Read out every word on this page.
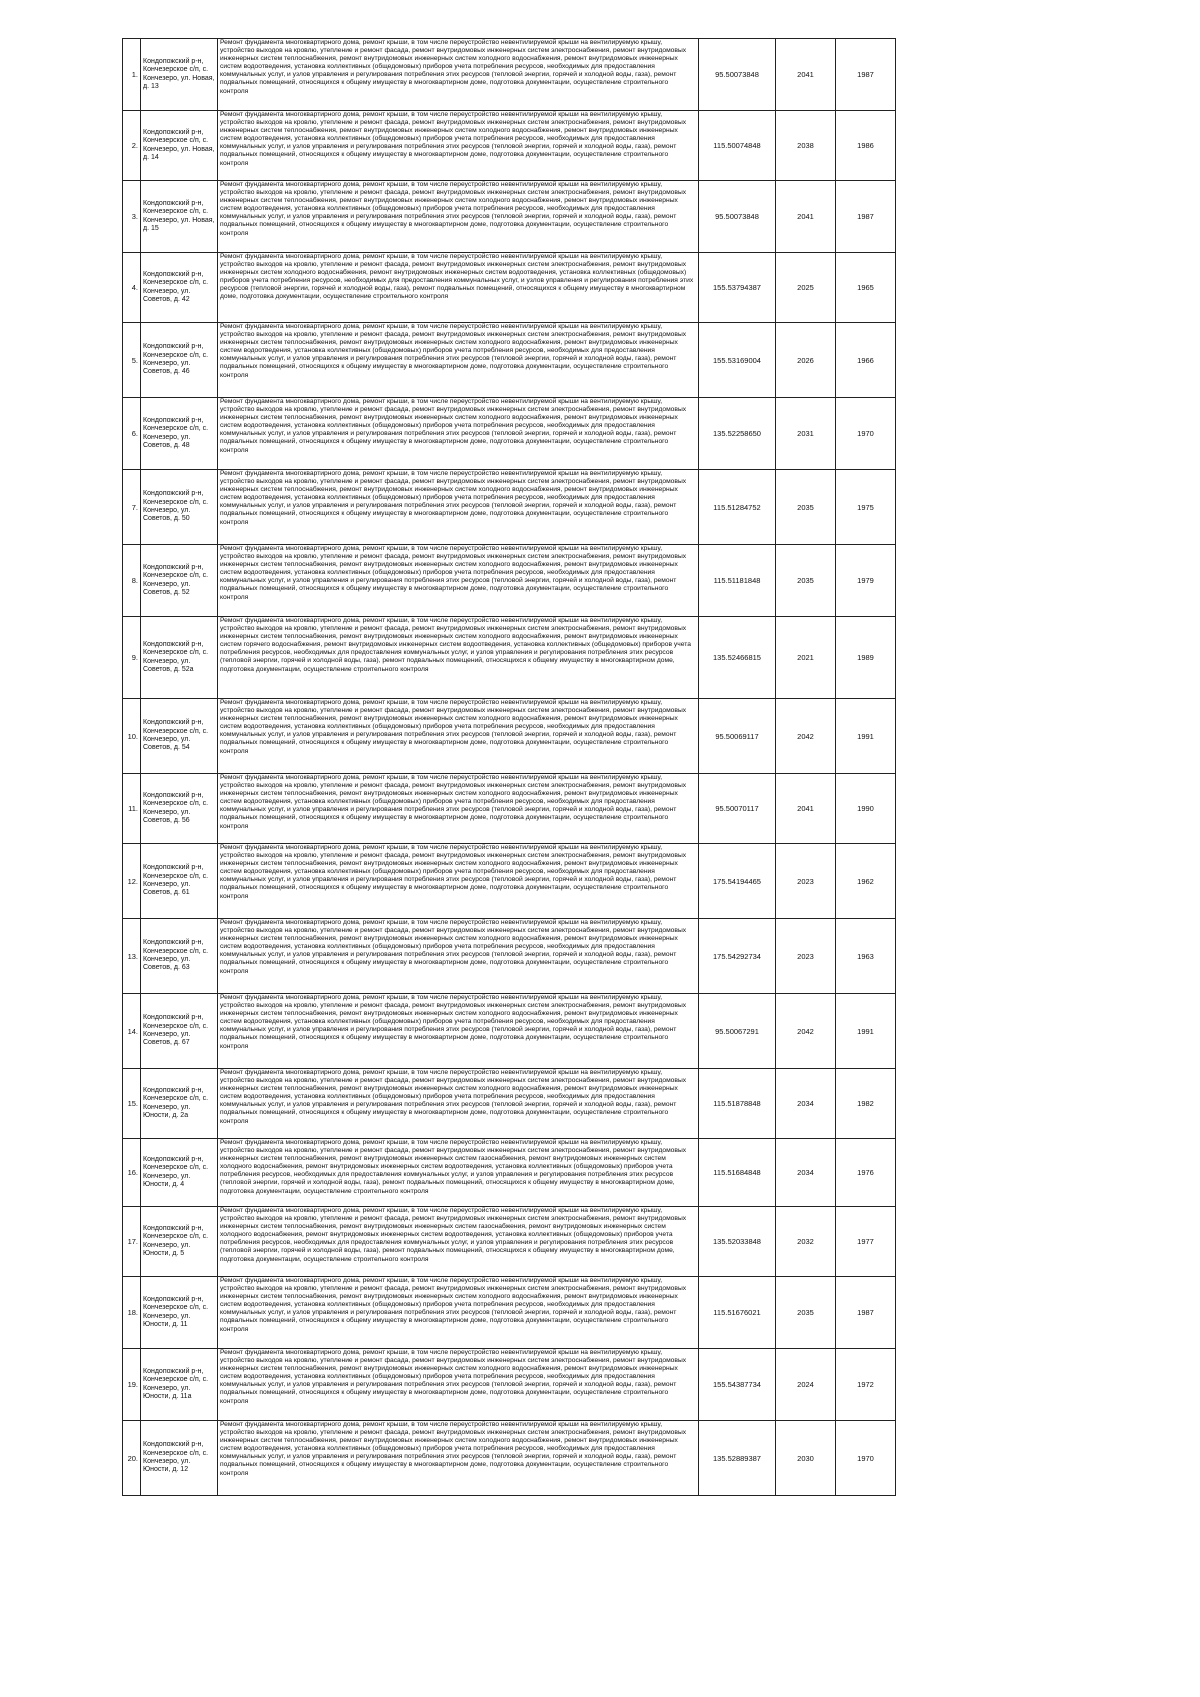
1.	Кондопожский р-н, Кончезерское с/п, с. Кончезеро, ул. Новая, д. 13	Ремонт фундамента многоквартирного дома, ремонт крыши, в том числе переустройство невентилируемой крыши на вентилируемую крышу, устройство выходов на кровлю, утепление и ремонт фасада, ремонт внутридомовых инженерных систем электроснабжения, ремонт внутридомовых инженерных систем теплоснабжения, ремонт внутридомовых инженерных систем холодного водоснабжения, ремонт внутридомовых инженерных систем водоотведения, установка коллективных (общедомовых) приборов учета потребления ресурсов, необходимых для предоставления коммунальных услуг, и узлов управления и регулирования потребления этих ресурсов (тепловой энергии, горячей и холодной воды, газа), ремонт подвальных помещений, относящихся к общему имуществу в многоквартирном доме, подготовка документации, осуществление строительного контроля	95.50073848	2041	1987
2.	Кондопожский р-н, Кончезерское с/п, с. Кончезеро, ул. Новая, д. 14	Ремонт фундамента многоквартирного дома, ремонт крыши, в том числе переустройство невентилируемой крыши на вентилируемую крышу, устройство выходов на кровлю, утепление и ремонт фасада, ремонт внутридомовых инженерных систем электроснабжения, ремонт внутридомовых инженерных систем теплоснабжения, ремонт внутридомовых инженерных систем холодного водоснабжения, ремонт внутридомовых инженерных систем водоотведения, установка коллективных (общедомовых) приборов учета потребления ресурсов, необходимых для предоставления коммунальных услуг, и узлов управления и регулирования потребления этих ресурсов (тепловой энергии, горячей и холодной воды, газа), ремонт подвальных помещений, относящихся к общему имуществу в многоквартирном доме, подготовка документации, осуществление строительного контроля	115.50074848	2038	1986
3.	Кондопожский р-н, Кончезерское с/п, с. Кончезеро, ул. Новая, д. 15	Ремонт фундамента многоквартирного дома, ремонт крыши, в том числе переустройство невентилируемой крыши на вентилируемую крышу, устройство выходов на кровлю, утепление и ремонт фасада, ремонт внутридомовых инженерных систем электроснабжения, ремонт внутридомовых инженерных систем теплоснабжения, ремонт внутридомовых инженерных систем холодного водоснабжения, ремонт внутридомовых инженерных систем водоотведения, установка коллективных (общедомовых) приборов учета потребления ресурсов, необходимых для предоставления коммунальных услуг, и узлов управления и регулирования потребления этих ресурсов (тепловой энергии, горячей и холодной воды, газа), ремонт подвальных помещений, относящихся к общему имуществу в многоквартирном доме, подготовка документации, осуществление строительного контроля	95.50073848	2041	1987
4.	Кондопожский р-н, Кончезерское с/п, с. Кончезеро, ул. Советов, д. 42	Ремонт фундамента многоквартирного дома, ремонт крыши, в том числе переустройство невентилируемой крыши на вентилируемую крышу, устройство выходов на кровлю, утепление и ремонт фасада, ремонт внутридомовых инженерных систем электроснабжения, ремонт внутридомовых инженерных систем холодного водоснабжения, ремонт внутридомовых инженерных систем водоотведения, установка коллективных (общедомовых) приборов учета потребления ресурсов, необходимых для предоставления коммунальных услуг, и узлов управления и регулирования потребления этих ресурсов (тепловой энергии, горячей и холодной воды, газа), ремонт подвальных помещений, относящихся к общему имуществу в многоквартирном доме, подготовка документации, осуществление строительного контроля	155.53794387	2025	1965
5.	Кондопожский р-н, Кончезерское с/п, с. Кончезеро, ул. Советов, д. 46	Ремонт фундамента многоквартирного дома, ремонт крыши, в том числе переустройство невентилируемой крыши на вентилируемую крышу, устройство выходов на кровлю, утепление и ремонт фасада, ремонт внутридомовых инженерных систем электроснабжения, ремонт внутридомовых инженерных систем теплоснабжения, ремонт внутридомовых инженерных систем холодного водоснабжения, ремонт внутридомовых инженерных систем водоотведения, установка коллективных (общедомовых) приборов учета потребления ресурсов, необходимых для предоставления коммунальных услуг, и узлов управления и регулирования потребления этих ресурсов (тепловой энергии, горячей и холодной воды, газа), ремонт подвальных помещений, относящихся к общему имуществу в многоквартирном доме, подготовка документации, осуществление строительного контроля	155.53169004	2026	1966
6.	Кондопожский р-н, Кончезерское с/п, с. Кончезеро, ул. Советов, д. 48	Ремонт фундамента многоквартирного дома, ремонт крыши, в том числе переустройство невентилируемой крыши на вентилируемую крышу, устройство выходов на кровлю, утепление и ремонт фасада, ремонт внутридомовых инженерных систем электроснабжения, ремонт внутридомовых инженерных систем теплоснабжения, ремонт внутридомовых инженерных систем холодного водоснабжения, ремонт внутридомовых инженерных систем водоотведения, установка коллективных (общедомовых) приборов учета потребления ресурсов, необходимых для предоставления коммунальных услуг, и узлов управления и регулирования потребления этих ресурсов (тепловой энергии, горячей и холодной воды, газа), ремонт подвальных помещений, относящихся к общему имуществу в многоквартирном доме, подготовка документации, осуществление строительного контроля	135.52258650	2031	1970
7.	Кондопожский р-н, Кончезерское с/п, с. Кончезеро, ул. Советов, д. 50	Ремонт фундамента многоквартирного дома, ремонт крыши, в том числе переустройство невентилируемой крыши на вентилируемую крышу, устройство выходов на кровлю, утепление и ремонт фасада, ремонт внутридомовых инженерных систем электроснабжения, ремонт внутридомовых инженерных систем теплоснабжения, ремонт внутридомовых инженерных систем холодного водоснабжения, ремонт внутридомовых инженерных систем водоотведения, установка коллективных (общедомовых) приборов учета потребления ресурсов, необходимых для предоставления коммунальных услуг, и узлов управления и регулирования потребления этих ресурсов (тепловой энергии, горячей и холодной воды, газа), ремонт подвальных помещений, относящихся к общему имуществу в многоквартирном доме, подготовка документации, осуществление строительного контроля	115.51284752	2035	1975
8.	Кондопожский р-н, Кончезерское с/п, с. Кончезеро, ул. Советов, д. 52	Ремонт фундамента многоквартирного дома, ремонт крыши, в том числе переустройство невентилируемой крыши на вентилируемую крышу, устройство выходов на кровлю, утепление и ремонт фасада, ремонт внутридомовых инженерных систем электроснабжения, ремонт внутридомовых инженерных систем теплоснабжения, ремонт внутридомовых инженерных систем холодного водоснабжения, ремонт внутридомовых инженерных систем водоотведения, установка коллективных (общедомовых) приборов учета потребления ресурсов, необходимых для предоставления коммунальных услуг, и узлов управления и регулирования потребления этих ресурсов (тепловой энергии, горячей и холодной воды, газа), ремонт подвальных помещений, относящихся к общему имуществу в многоквартирном доме, подготовка документации, осуществление строительного контроля	115.51181848	2035	1979
9.	Кондопожский р-н, Кончезерское с/п, с. Кончезеро, ул. Советов, д. 52а	Ремонт фундамента многоквартирного дома, ремонт крыши, в том числе переустройство невентилируемой крыши на вентилируемую крышу, устройство выходов на кровлю, утепление и ремонт фасада, ремонт внутридомовых инженерных систем электроснабжения, ремонт внутридомовых инженерных систем теплоснабжения, ремонт внутридомовых инженерных систем холодного водоснабжения, ремонт внутридомовых инженерных систем горячего водоснабжения, ремонт внутридомовых инженерных систем водоотведения, установка коллективных (общедомовых) приборов учета потребления ресурсов, необходимых для предоставления коммунальных услуг, и узлов управления и регулирования потребления этих ресурсов (тепловой энергии, горячей и холодной воды, газа), ремонт подвальных помещений, относящихся к общему имуществу в многоквартирном доме, подготовка документации, осуществление строительного контроля	135.52466815	2021	1989
10.	Кондопожский р-н, Кончезерское с/п, с. Кончезеро, ул. Советов, д. 54	Ремонт фундамента многоквартирного дома, ремонт крыши, в том числе переустройство невентилируемой крыши на вентилируемую крышу, устройство выходов на кровлю, утепление и ремонт фасада, ремонт внутридомовых инженерных систем электроснабжения, ремонт внутридомовых инженерных систем теплоснабжения, ремонт внутридомовых инженерных систем холодного водоснабжения, ремонт внутридомовых инженерных систем водоотведения, установка коллективных (общедомовых) приборов учета потребления ресурсов, необходимых для предоставления коммунальных услуг, и узлов управления и регулирования потребления этих ресурсов (тепловой энергии, горячей и холодной воды, газа), ремонт подвальных помещений, относящихся к общему имуществу в многоквартирном доме, подготовка документации, осуществление строительного контроля	95.50069117	2042	1991
11.	Кондопожский р-н, Кончезерское с/п, с. Кончезеро, ул. Советов, д. 56	Ремонт фундамента многоквартирного дома, ремонт крыши, в том числе переустройство невентилируемой крыши на вентилируемую крышу, устройство выходов на кровлю, утепление и ремонт фасада, ремонт внутридомовых инженерных систем электроснабжения, ремонт внутридомовых инженерных систем теплоснабжения, ремонт внутридомовых инженерных систем холодного водоснабжения, ремонт внутридомовых инженерных систем водоотведения, установка коллективных (общедомовых) приборов учета потребления ресурсов, необходимых для предоставления коммунальных услуг, и узлов управления и регулирования потребления этих ресурсов (тепловой энергии, горячей и холодной воды, газа), ремонт подвальных помещений, относящихся к общему имуществу в многоквартирном доме, подготовка документации, осуществление строительного контроля	95.50070117	2041	1990
12.	Кондопожский р-н, Кончезерское с/п, с. Кончезеро, ул. Советов, д. 61	Ремонт фундамента многоквартирного дома, ремонт крыши, в том числе переустройство невентилируемой крыши на вентилируемую крышу, устройство выходов на кровлю, утепление и ремонт фасада, ремонт внутридомовых инженерных систем электроснабжения, ремонт внутридомовых инженерных систем теплоснабжения, ремонт внутридомовых инженерных систем холодного водоснабжения, ремонт внутридомовых инженерных систем водоотведения, установка коллективных (общедомовых) приборов учета потребления ресурсов, необходимых для предоставления коммунальных услуг, и узлов управления и регулирования потребления этих ресурсов (тепловой энергии, горячей и холодной воды, газа), ремонт подвальных помещений, относящихся к общему имуществу в многоквартирном доме, подготовка документации, осуществление строительного контроля	175.54194465	2023	1962
13.	Кондопожский р-н, Кончезерское с/п, с. Кончезеро, ул. Советов, д. 63	Ремонт фундамента многоквартирного дома, ремонт крыши, в том числе переустройство невентилируемой крыши на вентилируемую крышу, устройство выходов на кровлю, утепление и ремонт фасада, ремонт внутридомовых инженерных систем электроснабжения, ремонт внутридомовых инженерных систем теплоснабжения, ремонт внутридомовых инженерных систем холодного водоснабжения, ремонт внутридомовых инженерных систем водоотведения, установка коллективных (общедомовых) приборов учета потребления ресурсов, необходимых для предоставления коммунальных услуг, и узлов управления и регулирования потребления этих ресурсов (тепловой энергии, горячей и холодной воды, газа), ремонт подвальных помещений, относящихся к общему имуществу в многоквартирном доме, подготовка документации, осуществление строительного контроля	175.54292734	2023	1963
14.	Кондопожский р-н, Кончезерское с/п, с. Кончезеро, ул. Советов, д. 67	Ремонт фундамента многоквартирного дома, ремонт крыши, в том числе переустройство невентилируемой крыши на вентилируемую крышу, устройство выходов на кровлю, утепление и ремонт фасада, ремонт внутридомовых инженерных систем электроснабжения, ремонт внутридомовых инженерных систем теплоснабжения, ремонт внутридомовых инженерных систем холодного водоснабжения, ремонт внутридомовых инженерных систем водоотведения, установка коллективных (общедомовых) приборов учета потребления ресурсов, необходимых для предоставления коммунальных услуг, и узлов управления и регулирования потребления этих ресурсов (тепловой энергии, горячей и холодной воды, газа), ремонт подвальных помещений, относящихся к общему имуществу в многоквартирном доме, подготовка документации, осуществление строительного контроля	95.50067291	2042	1991
15.	Кондопожский р-н, Кончезерское с/п, с. Кончезеро, ул. Юности, д. 2а	Ремонт фундамента многоквартирного дома, ремонт крыши, в том числе переустройство невентилируемой крыши на вентилируемую крышу, устройство выходов на кровлю, утепление и ремонт фасада, ремонт внутридомовых инженерных систем электроснабжения, ремонт внутридомовых инженерных систем теплоснабжения, ремонт внутридомовых инженерных систем холодного водоснабжения, ремонт внутридомовых инженерных систем водоотведения, установка коллективных (общедомовых) приборов учета потребления ресурсов, необходимых для предоставления коммунальных услуг, и узлов управления и регулирования потребления этих ресурсов (тепловой энергии, горячей и холодной воды, газа), ремонт подвальных помещений, относящихся к общему имуществу в многоквартирном доме, подготовка документации, осуществление строительного контроля	115.51878848	2034	1982
16.	Кондопожский р-н, Кончезерское с/п, с. Кончезеро, ул. Юности, д. 4	Ремонт фундамента многоквартирного дома, ремонт крыши, в том числе переустройство невентилируемой крыши на вентилируемую крышу, устройство выходов на кровлю, утепление и ремонт фасада, ремонт внутридомовых инженерных систем электроснабжения, ремонт внутридомовых инженерных систем теплоснабжения, ремонт внутридомовых инженерных систем газоснабжения, ремонт внутридомовых инженерных систем холодного водоснабжения, ремонт внутридомовых инженерных систем водоотведения, установка коллективных (общедомовых) приборов учета потребления ресурсов, необходимых для предоставления коммунальных услуг, и узлов управления и регулирования потребления этих ресурсов (тепловой энергии, горячей и холодной воды, газа), ремонт подвальных помещений, относящихся к общему имуществу в многоквартирном доме, подготовка документации, осуществление строительного контроля	115.51684848	2034	1976
17.	Кондопожский р-н, Кончезерское с/п, с. Кончезеро, ул. Юности, д. 5	Ремонт фундамента многоквартирного дома, ремонт крыши, в том числе переустройство невентилируемой крыши на вентилируемую крышу, устройство выходов на кровлю, утепление и ремонт фасада, ремонт внутридомовых инженерных систем электроснабжения, ремонт внутридомовых инженерных систем теплоснабжения, ремонт внутридомовых инженерных систем газоснабжения, ремонт внутридомовых инженерных систем холодного водоснабжения, ремонт внутридомовых инженерных систем водоотведения, установка коллективных (общедомовых) приборов учета потребления ресурсов, необходимых для предоставления коммунальных услуг, и узлов управления и регулирования потребления этих ресурсов (тепловой энергии, горячей и холодной воды, газа), ремонт подвальных помещений, относящихся к общему имуществу в многоквартирном доме, подготовка документации, осуществление строительного контроля	135.52033848	2032	1977
18.	Кондопожский р-н, Кончезерское с/п, с. Кончезеро, ул. Юности, д. 11	Ремонт фундамента многоквартирного дома, ремонт крыши, в том числе переустройство невентилируемой крыши на вентилируемую крышу, устройство выходов на кровлю, утепление и ремонт фасада, ремонт внутридомовых инженерных систем электроснабжения, ремонт внутридомовых инженерных систем теплоснабжения, ремонт внутридомовых инженерных систем холодного водоснабжения, ремонт внутридомовых инженерных систем водоотведения, установка коллективных (общедомовых) приборов учета потребления ресурсов, необходимых для предоставления коммунальных услуг, и узлов управления и регулирования потребления этих ресурсов (тепловой энергии, горячей и холодной воды, газа), ремонт подвальных помещений, относящихся к общему имуществу в многоквартирном доме, подготовка документации, осуществление строительного контроля	115.51676021	2035	1987
19.	Кондопожский р-н, Кончезерское с/п, с. Кончезеро, ул. Юности, д. 11а	Ремонт фундамента многоквартирного дома, ремонт крыши, в том числе переустройство невентилируемой крыши на вентилируемую крышу, устройство выходов на кровлю, утепление и ремонт фасада, ремонт внутридомовых инженерных систем электроснабжения, ремонт внутридомовых инженерных систем теплоснабжения, ремонт внутридомовых инженерных систем холодного водоснабжения, ремонт внутридомовых инженерных систем водоотведения, установка коллективных (общедомовых) приборов учета потребления ресурсов, необходимых для предоставления коммунальных услуг, и узлов управления и регулирования потребления этих ресурсов (тепловой энергии, горячей и холодной воды, газа), ремонт подвальных помещений, относящихся к общему имуществу в многоквартирном доме, подготовка документации, осуществление строительного контроля	155.54387734	2024	1972
20.	Кондопожский р-н, Кончезерское с/п, с. Кончезеро, ул. Юности, д. 12	Ремонт фундамента многоквартирного дома, ремонт крыши, в том числе переустройство невентилируемой крыши на вентилируемую крышу, устройство выходов на кровлю, утепление и ремонт фасада, ремонт внутридомовых инженерных систем электроснабжения, ремонт внутридомовых инженерных систем теплоснабжения, ремонт внутридомовых инженерных систем холодного водоснабжения, ремонт внутридомовых инженерных систем водоотведения, установка коллективных (общедомовых) приборов учета потребления ресурсов, необходимых для предоставления коммунальных услуг, и узлов управления и регулирования потребления этих ресурсов (тепловой энергии, горячей и холодной воды, газа), ремонт подвальных помещений, относящихся к общему имуществу в многоквартирном доме, подготовка документации, осуществление строительного контроля	135.52889387	2030	1970
